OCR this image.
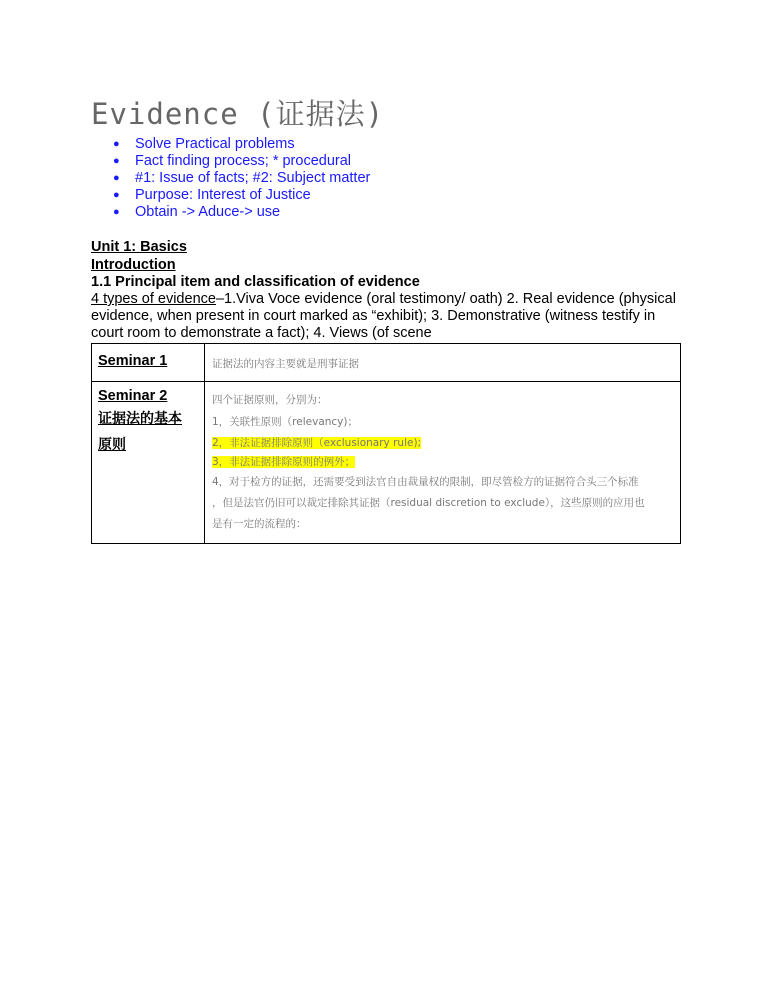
Evidence (证据法)
● Solve Practical problems
● Fact finding process; * procedural
● #1: Issue of facts; #2: Subject matter
● Purpose: Interest of Justice
● Obtain -> Aduce-> use
Unit 1: Basics
Introduction
1.1 Principal item and classification of evidence

4 types of evidence–1.Viva Voce evidence (oral testimony/ oath) 2. Real evidence (physical evidence, when present in court marked as “exhibit); 3. Demonstrative (witness testify in court room to demonstrate a fact); 4. Views (of scene

Seminar 1	证据法的内容主要就是刑事证据
Seminar 2
证据法的基本
原则
四个证据原则，分别为：
1，关联性原则（relevancy)；
2，非法证据排除原则（exclusionary rule);
3，非法证据排除原则的例外；
4，对于检方的证据，还需要受到法官自由裁量权的限制，即尽管检方的证据符合头三个标准
，但是法官仍旧可以裁定排除其证据（residual discretion to exclude），这些原则的应用也
是有一定的流程的：
